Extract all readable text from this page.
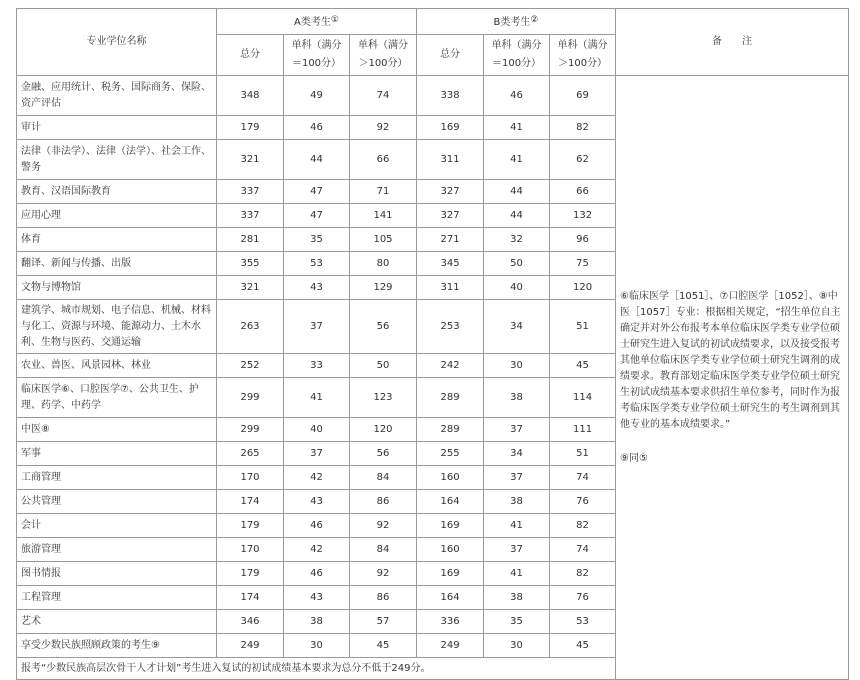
专业学位名称	A类考生①			B类考生②			备　　注
	总分	单科（满分＝100分）	单科（满分＞100分）	总分	单科（满分＝100分）	单科（满分＞100分）	
金融、应用统计、税务、国际商务、保险、资产评估	348	49	74	338	46	69	⑥临床医学［1051］、⑦口腔医学［1052］、⑧中医［1057］专业：根据相关规定，“招生单位自主确定并对外公布报考本单位临床医学类专业学位硕士研究生进入复试的初试成绩要求，以及接受报考其他单位临床医学类专业学位硕士研究生调剂的成绩要求。教育部划定临床医学类专业学位硕士研究生初试成绩基本要求供招生单位参考，同时作为报考临床医学类专业学位硕士研究生的考生调剂到其他专业的基本成绩要求。”

⑨同⑤

审计	179	46	92	169	41	82	
法律（非法学）、法律（法学）、社会工作、警务	321	44	66	311	41	62	
教育、汉语国际教育	337	47	71	327	44	66	
应用心理	337	47	141	327	44	132	
体育	281	35	105	271	32	96	
翻译、新闻与传播、出版	355	53	80	345	50	75	
文物与博物馆	321	43	129	311	40	120	
建筑学、城市规划、电子信息、机械、材料与化工、资源与环境、能源动力、土木水利、生物与医药、交通运输	263	37	56	253	34	51	
农业、兽医、风景园林、林业	252	33	50	242	30	45	
临床医学⑥、口腔医学⑦、公共卫生、护理、药学、中药学	299	41	123	289	38	114	
中医⑧	299	40	120	289	37	111	
军事	265	37	56	255	34	51	
工商管理	170	42	84	160	37	74	
公共管理	174	43	86	164	38	76	
会计	179	46	92	169	41	82	
旅游管理	170	42	84	160	37	74	
图书情报	179	46	92	169	41	82	
工程管理	174	43	86	164	38	76	
艺术	346	38	57	336	35	53	
享受少数民族照顾政策的考生⑨	249	30	45	249	30	45	
报考“少数民族高层次骨干人才计划”考生进入复试的初试成绩基本要求为总分不低于249分。							
